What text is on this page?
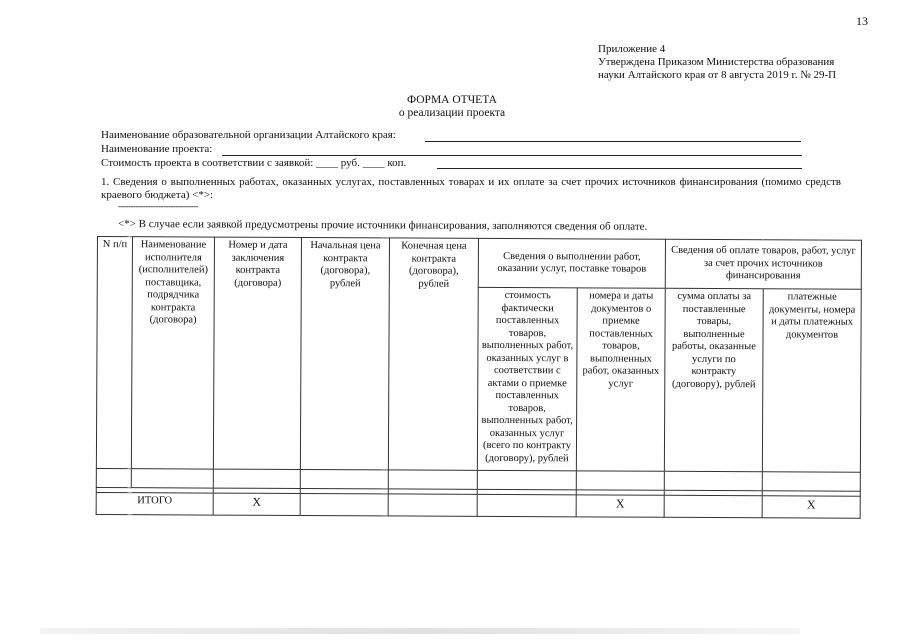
13
Приложение 4
Утверждена Приказом Министерства образования
науки Алтайского края от 8 августа 2019 г. № 29-П
ФОРМА ОТЧЕТА
о реализации проекта
Наименование образовательной организации Алтайского края:
Наименование проекта:
Стоимость проекта в соответствии с заявкой: ____ руб. ____ коп.
1. Сведения о выполненных работах, оказанных услугах, поставленных товарах и их оплате за счет прочих источников финансирования (помимо средств краевого бюджета) <*>:
--------------------------------
<*> В случае если заявкой предусмотрены прочие источники финансирования, заполняются сведения об оплате.
N п/п	Наименование исполнителя (исполнителей) поставщика, подрядчика контракта (договора)	Номер и дата заключения контракта (договора)	Начальная цена контракта (договора), рублей	Конечная цена контракта (договора), рублей	Сведения о выполнении работ, оказании услуг, поставке товаров		Сведения об оплате товаров, работ, услуг за счет прочих источников финансирования	
					стоимость фактически поставленных товаров, выполненных работ, оказанных услуг в соответствии с актами о приемке поставленных товаров, выполненных работ, оказанных услуг (всего по контракту (договору), рублей	номера и даты документов о приемке поставленных товаров, выполненных работ, оказанных услуг	сумма оплаты за поставленные товары, выполненные работы, оказанные услуги по контракту (договору), рублей	платежные документы, номера и даты платежных документов

ИТОГО		X				X		X
